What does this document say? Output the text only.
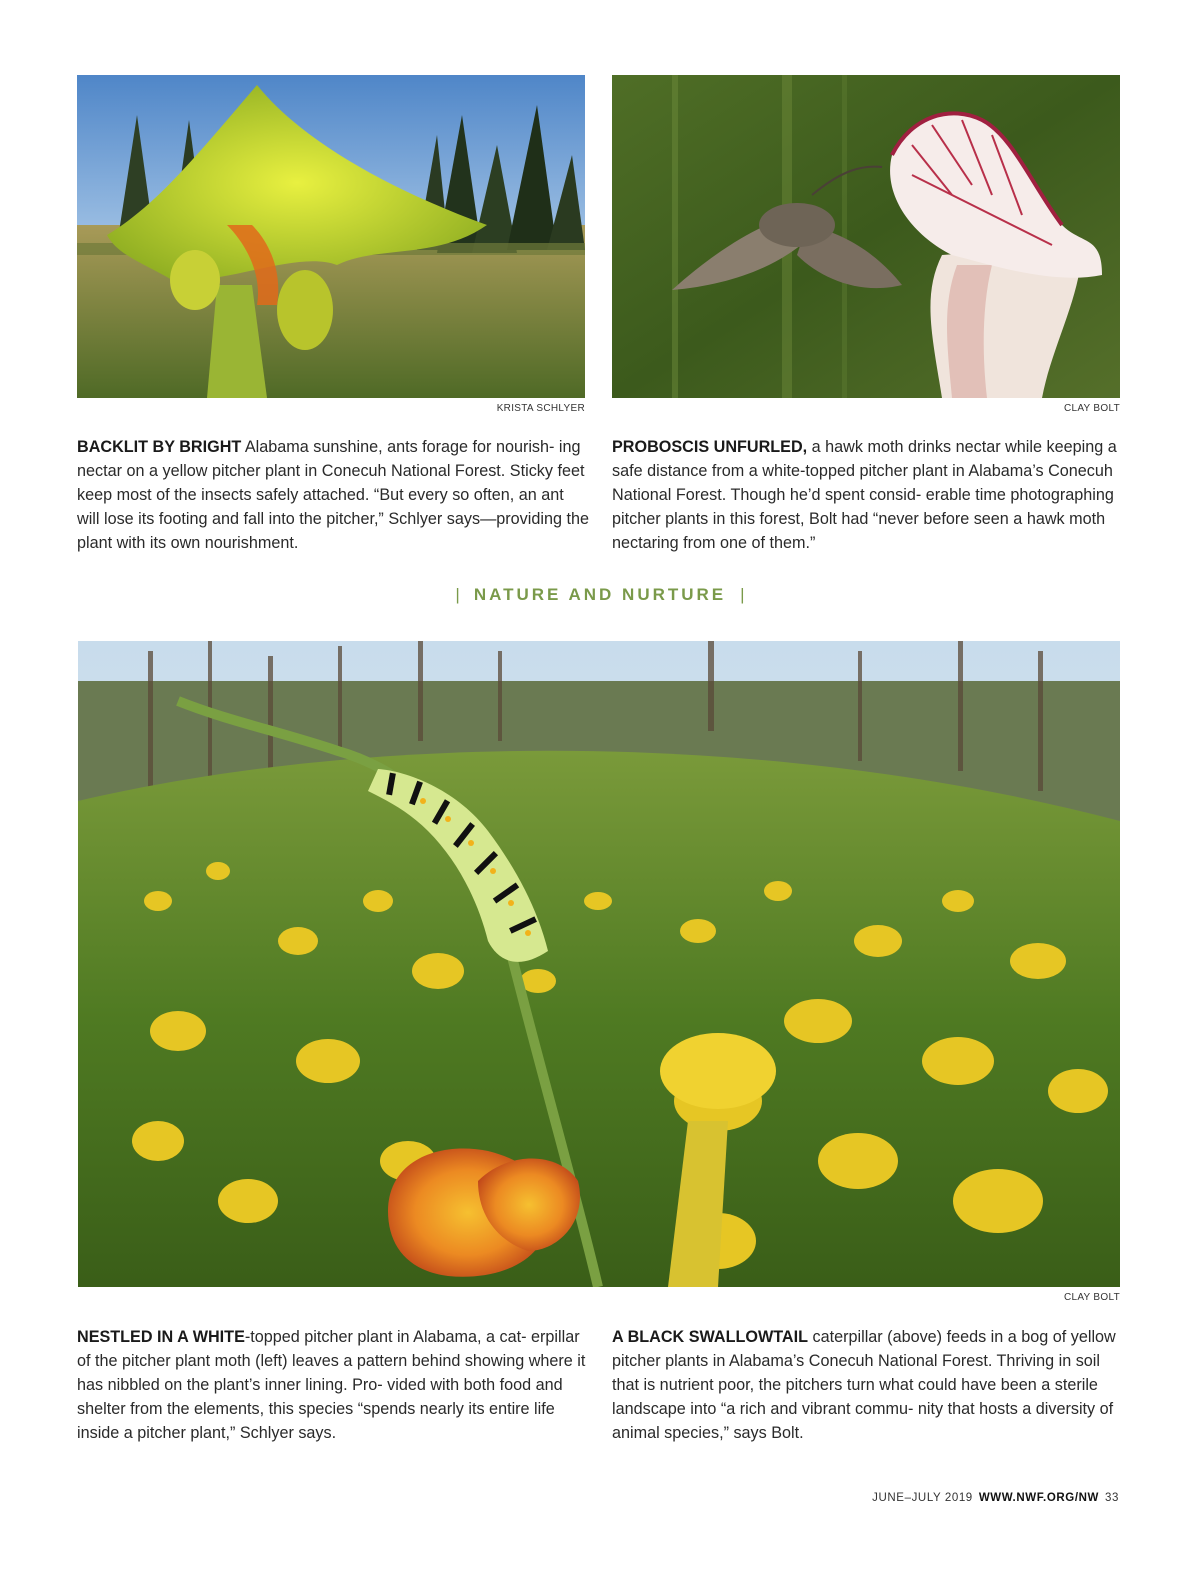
KRISTA SCHLYER	CLAY BOLT

BACKLIT BY BRIGHT Alabama sunshine, ants forage for nourish- ing nectar on a yellow pitcher plant in Conecuh National Forest. Sticky feet keep most of the insects safely attached. “But every so often, an ant will lose its footing and fall into the pitcher,” Schlyer says—providing the plant with its own nourishment.

PROBOSCIS UNFURLED, a hawk moth drinks nectar while keeping a safe distance from a white-topped pitcher plant in Alabama’s Conecuh National Forest. Though he’d spent consid- erable time photographing pitcher plants in this forest, Bolt had “never before seen a hawk moth nectaring from one of them.”

| NATURE AND NURTURE |
CLAY BOLT

NESTLED IN A WHITE-topped pitcher plant in Alabama, a cat- erpillar of the pitcher plant moth (left) leaves a pattern behind showing where it has nibbled on the plant’s inner lining. Pro- vided with both food and shelter from the elements, this species “spends nearly its entire life inside a pitcher plant,” Schlyer says.

A BLACK SWALLOWTAIL caterpillar (above) feeds in a bog of yellow pitcher plants in Alabama’s Conecuh National Forest. Thriving in soil that is nutrient poor, the pitchers turn what could have been a sterile landscape into “a rich and vibrant commu- nity that hosts a diversity of animal species,” says Bolt.

JUNE–JULY 2019 WWW.NWF.ORG/NW 33
